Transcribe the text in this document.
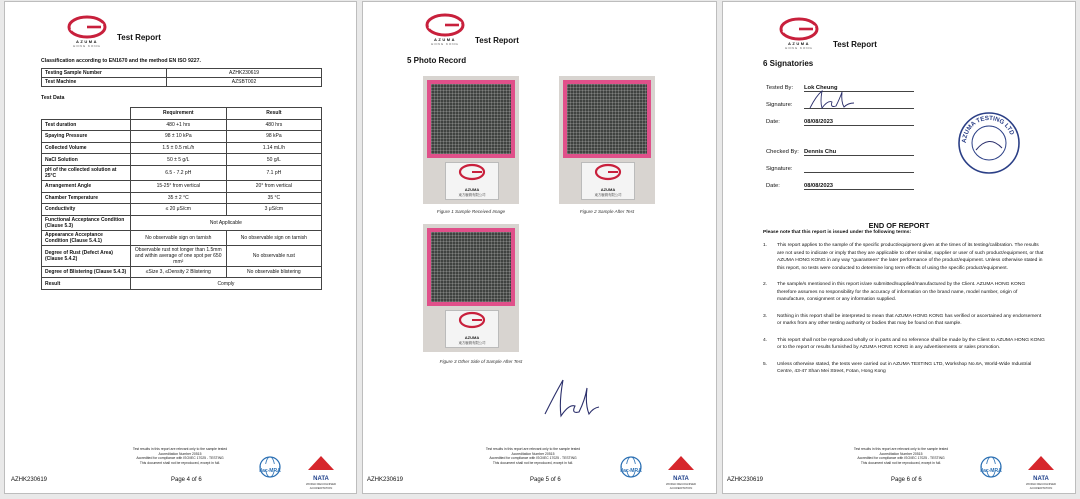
AZUMA
HONG KONG
Test Report
Classification according to EN1670 and the method EN ISO 9227.
Testing Sample Number	AZHK230619
Test Machine	AZSBT002
Test Data
	Requirement	Result
Test duration	480 +1 hrs	480 hrs
Spaying Pressure	98 ± 10 kPa	98 kPa
Collected Volume	1.5 ± 0.5 mL/h	1.14 mL/h
NaCl Solution	50 ± 5 g/L	50 g/L
pH of the collected solution at 25°C	6.5 - 7.2 pH	7.1 pH
Arrangement Angle	15-25° from vertical	20° from vertical
Chamber Temperature	35 ± 2 °C	35 °C
Conductivity	≤ 20 μS/cm	3 μS/cm
Functional Acceptance Condition (Clause 5.3)	Not Applicable	
Appearance Acceptance Condition (Clause 5.4.1)	No observable sign on tarnish	No observable sign on tarnish
Degree of Rust (Defect Area) (Clause 5.4.2)	Observable rust not longer than 1.5mm and within average of one spot per 650 mm²	No observable rust
Degree of Blistering (Clause 5.4.3)	≤Size 3, ≤Density 2 Blistering	No observable blistering
Result	Comply	
Test results in this report are relevant only to the sample tested
Accreditation Number 20515
Accredited for compliance with ISO/IEC 17025 - TESTING
This document shall not be reproduced, except in full.
AZHK230619	Page 4 of 6
ilac-MRA
NATA
WORLD RECOGNISED ACCREDITATION
AZUMA
HONG KONG	Test Report
5 Photo Record
AZUMA
東方驗測有限公司
Figure 1 Sample Received Image
AZUMA
東方驗測有限公司
Figure 2 Sample After Test
AZUMA
東方驗測有限公司
Figure 3 Other Side of Sample After Test
Test results in this report are relevant only to the sample tested
Accreditation Number 20515
Accredited for compliance with ISO/IEC 17025 - TESTING
This document shall not be reproduced, except in full.
AZHK230619	Page 5 of 6
ilac-MRA
NATA
WORLD RECOGNISED ACCREDITATION
AZUMA
HONG KONG	Test Report
6 Signatories
Tested By: Lok Cheung
Signature:
Date:	08/08/2023
Checked By: Dennis Chu
Signature:
Date:	08/08/2023
AZUMA TESTING LTD
END OF REPORT
Please note that this report is issued under the following terms:
1. This report applies to the sample of the specific product/equipment given at the times of its testing/calibration. The results are not used to indicate or imply that they are applicable to other similar, supplier or user of such product/equipment, or that AZUMA HONG KONG in any way "guarantees" the later performance of the product/equipment. Unless otherwise stated in this report, no tests were conducted to determine long term effects of using the specific product/equipment.
2. The sample/s mentioned in this report is/are submitted/supplied/manufactured by the Client. AZUMA HONG KONG therefore assumes no responsibility for the accuracy of information on the brand name, model number, origin of manufacture, consignment or any information supplied.
3. Nothing in this report shall be interpreted to mean that AZUMA HONG KONG has verified or ascertained any endorsement or marks from any other testing authority or bodies that may be found on that sample.
4. This report shall not be reproduced wholly or in parts and no reference shall be made by the Client to AZUMA HONG KONG or to the report or results furnished by AZUMA HONG KONG in any advertisements or sales promotion.
5. Unless otherwise stated, the tests were carried out in AZUMA TESTING LTD, Workshop No.6A, World-Wide Industrial Centre, 43-47 Shan Mei Street, Fotan, Hong Kong
Test results in this report are relevant only to the sample tested
Accreditation Number 20515
Accredited for compliance with ISO/IEC 17025 - TESTING
This document shall not be reproduced, except in full.
AZHK230619	Page 6 of 6
ilac-MRA
NATA
WORLD RECOGNISED ACCREDITATION
